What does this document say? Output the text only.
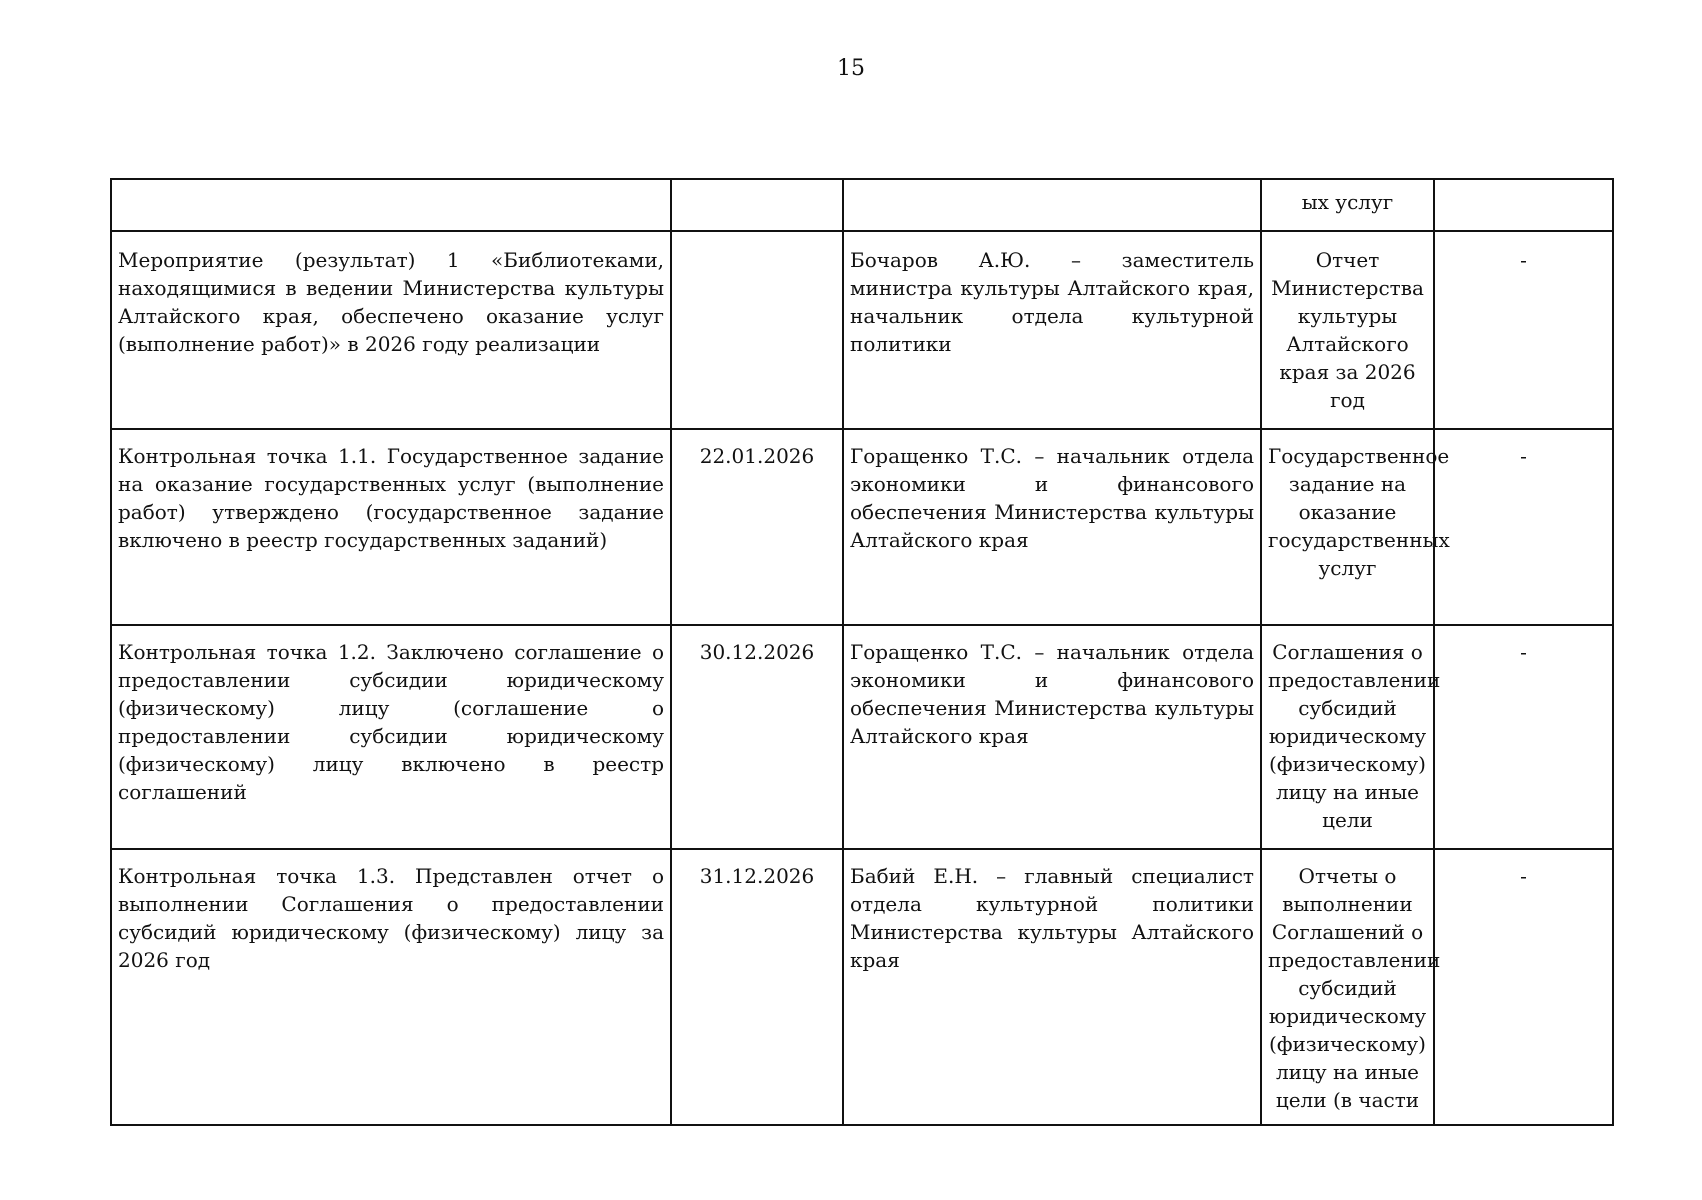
15
			ых услуг	
Мероприятие (результат) 1 «Библиотеками, находящимися в ведении Министерства культуры Алтайского края, обеспечено оказание услуг (выполнение работ)» в 2026 году реализации		Бочаров А.Ю. – заместитель министра культуры Алтайского края, начальник отдела культурной политики	Отчет Министерства культуры Алтайского края за 2026 год	-
Контрольная точка 1.1. Государственное задание на оказание государственных услуг (выполнение работ) утверждено (государственное задание включено в реестр государственных заданий)	22.01.2026	Горащенко Т.С. – начальник отдела экономики и финансового обеспечения Министерства культуры Алтайского края	Государственное задание на оказание государственных услуг	-
Контрольная точка 1.2. Заключено соглашение о предоставлении субсидии юридическому (физическому) лицу (соглашение о предоставлении субсидии юридическому (физическому) лицу включено в реестр соглашений	30.12.2026	Горащенко Т.С. – начальник отдела экономики и финансового обеспечения Министерства культуры Алтайского края	Соглашения о предоставлении субсидий юридическому (физическому) лицу на иные цели	-
Контрольная точка 1.3. Представлен отчет о выполнении Соглашения о предоставлении субсидий юридическому (физическому) лицу за 2026 год	31.12.2026	Бабий Е.Н. – главный специалист отдела культурной политики Министерства культуры Алтайского края	Отчеты о выполнении Соглашений о предоставлении субсидий юридическому (физическому) лицу на иные цели (в части	-
